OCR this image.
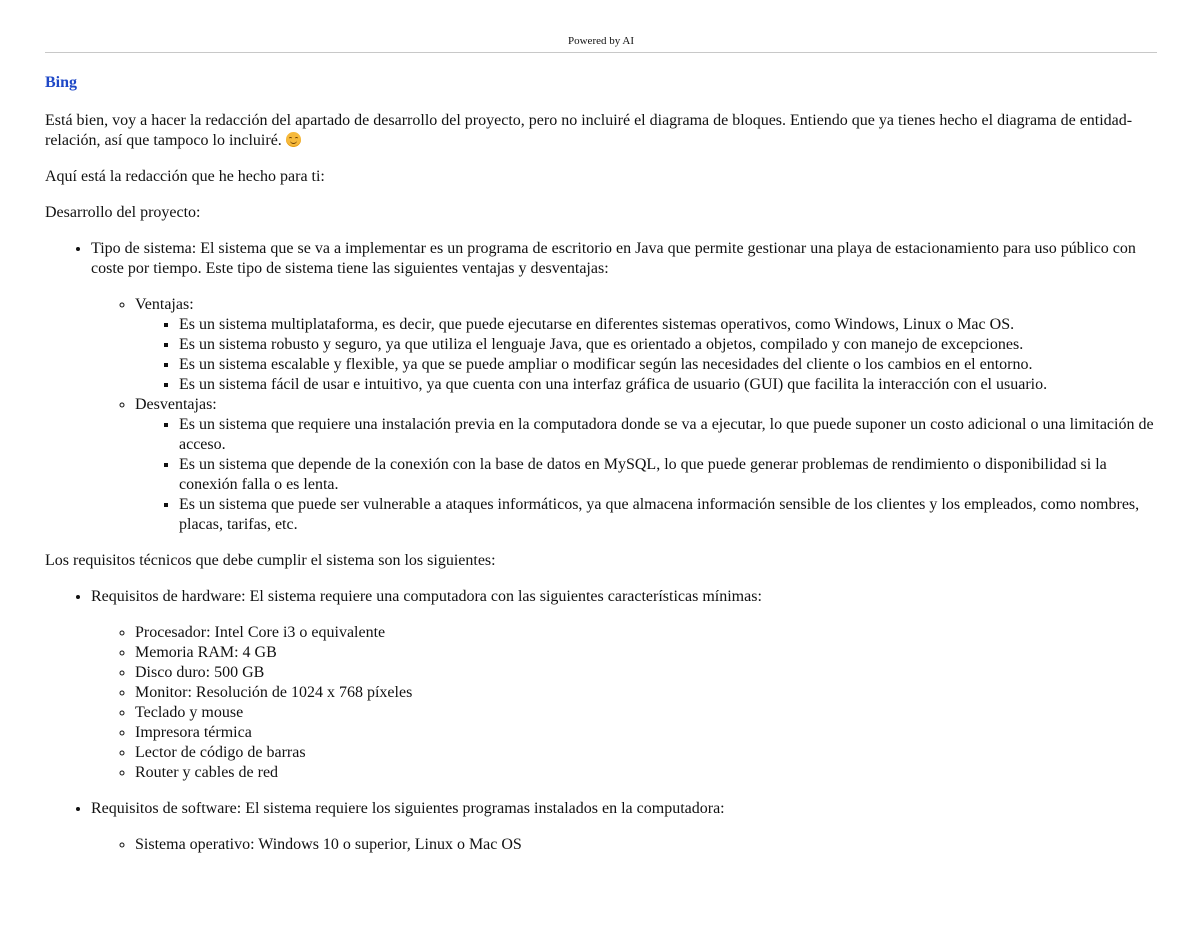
Powered by AI
Bing

Está bien, voy a hacer la redacción del apartado de desarrollo del proyecto, pero no incluiré el diagrama de bloques. Entiendo que ya tienes hecho el diagrama de entidad-relación, así que tampoco lo incluiré.

Aquí está la redacción que he hecho para ti:

Desarrollo del proyecto:

• Tipo de sistema: El sistema que se va a implementar es un programa de escritorio en Java que permite gestionar una playa de estacionamiento para uso público con coste por tiempo. Este tipo de sistema tiene las siguientes ventajas y desventajas:
◦ Ventajas:
▪ Es un sistema multiplataforma, es decir, que puede ejecutarse en diferentes sistemas operativos, como Windows, Linux o Mac OS.
▪ Es un sistema robusto y seguro, ya que utiliza el lenguaje Java, que es orientado a objetos, compilado y con manejo de excepciones.
▪ Es un sistema escalable y flexible, ya que se puede ampliar o modificar según las necesidades del cliente o los cambios en el entorno.
▪ Es un sistema fácil de usar e intuitivo, ya que cuenta con una interfaz gráfica de usuario (GUI) que facilita la interacción con el usuario.
◦ Desventajas:
▪ Es un sistema que requiere una instalación previa en la computadora donde se va a ejecutar, lo que puede suponer un costo adicional o una limitación de acceso.
▪ Es un sistema que depende de la conexión con la base de datos en MySQL, lo que puede generar problemas de rendimiento o disponibilidad si la conexión falla o es lenta.
▪ Es un sistema que puede ser vulnerable a ataques informáticos, ya que almacena información sensible de los clientes y los empleados, como nombres, placas, tarifas, etc.

Los requisitos técnicos que debe cumplir el sistema son los siguientes:

• Requisitos de hardware: El sistema requiere una computadora con las siguientes características mínimas:
◦ Procesador: Intel Core i3 o equivalente
◦ Memoria RAM: 4 GB
◦ Disco duro: 500 GB
◦ Monitor: Resolución de 1024 x 768 píxeles
◦ Teclado y mouse
◦ Impresora térmica
◦ Lector de código de barras
◦ Router y cables de red
• Requisitos de software: El sistema requiere los siguientes programas instalados en la computadora:
◦ Sistema operativo: Windows 10 o superior, Linux o Mac OS
